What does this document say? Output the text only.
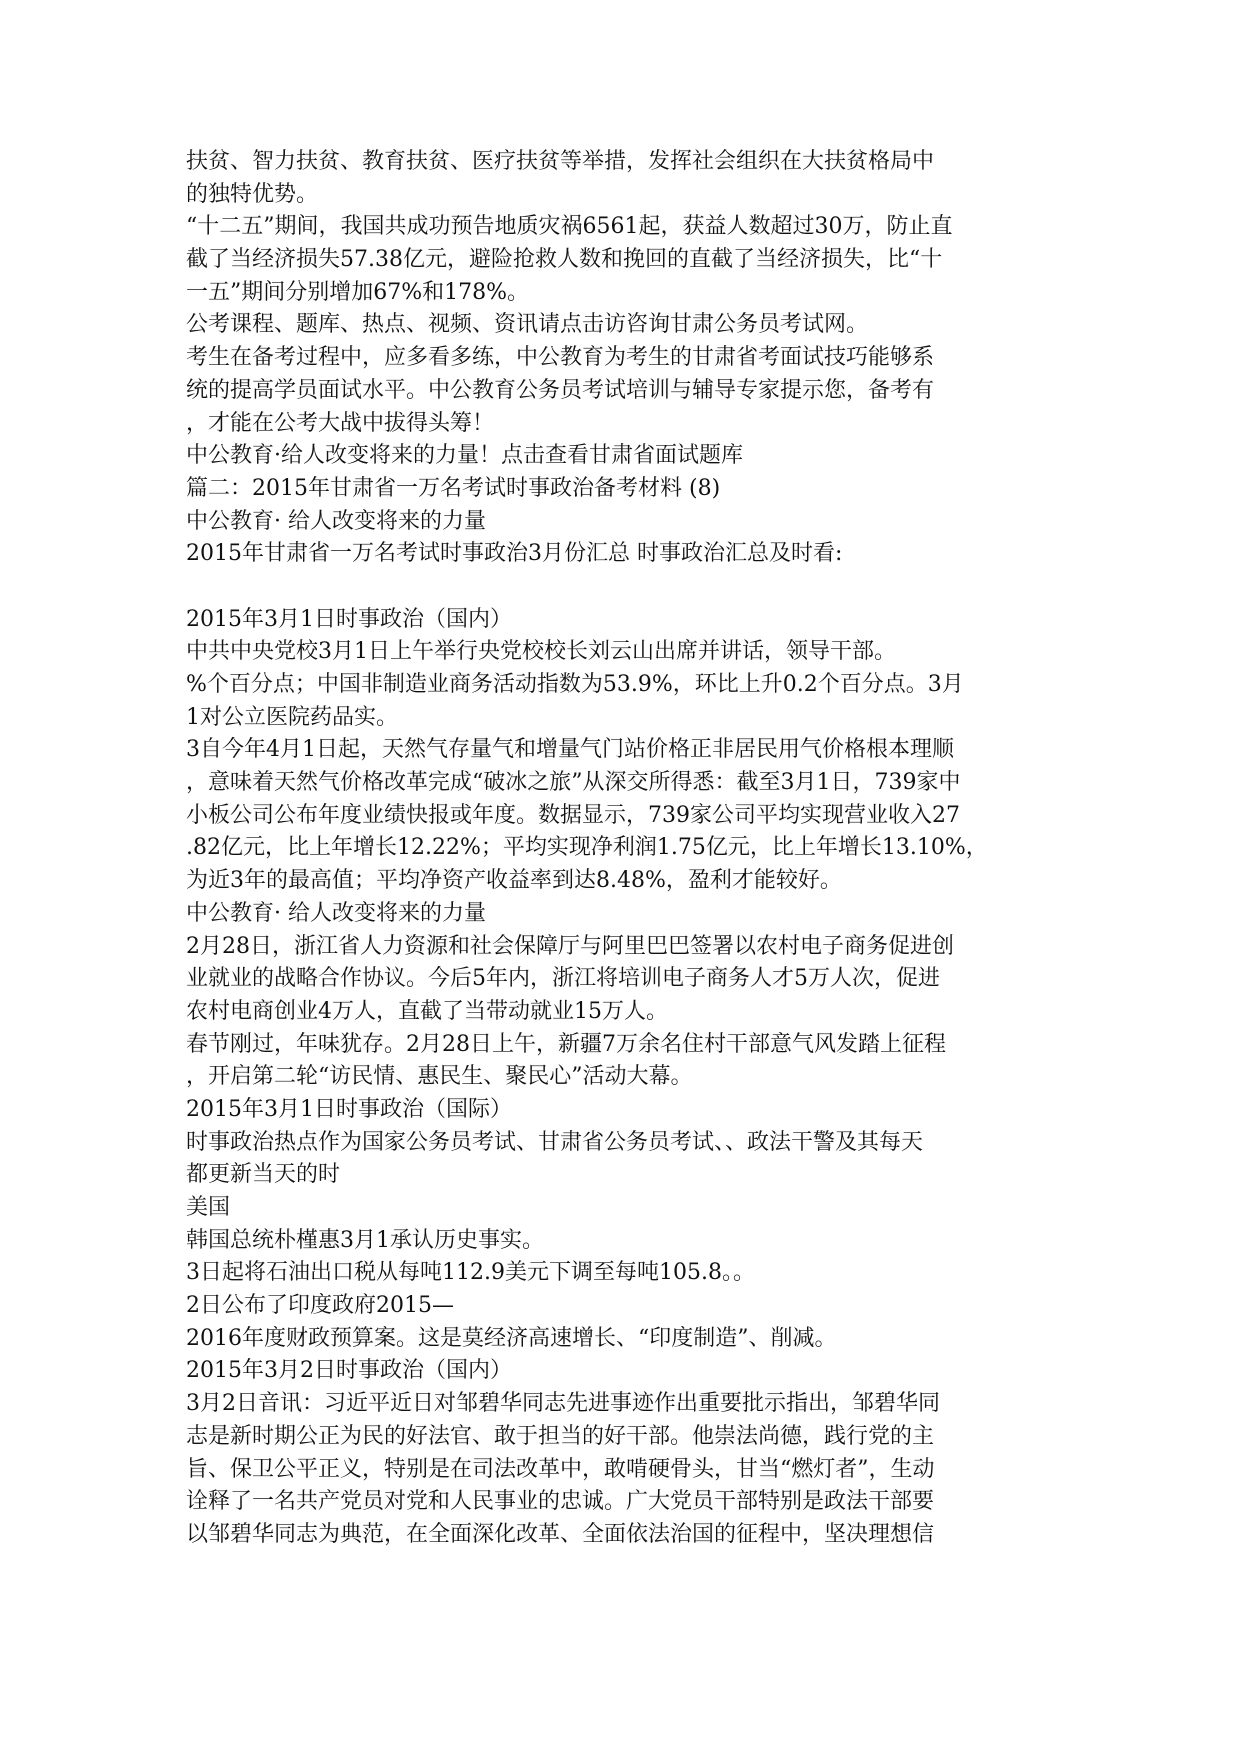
扶贫、智力扶贫、教育扶贫、医疗扶贫等举措，发挥社会组织在大扶贫格局中
的独特优势。
“十二五”期间，我国共成功预告地质灾祸6561起，获益人数超过30万，防止直
截了当经济损失57.38亿元，避险抢救人数和挽回的直截了当经济损失，比“十
一五”期间分别增加67%和178%。
公考课程、题库、热点、视频、资讯请点击访咨询甘肃公务员考试网。
考生在备考过程中，应多看多练，中公教育为考生的甘肃省考面试技巧能够系
统的提高学员面试水平。中公教育公务员考试培训与辅导专家提示您，备考有
，才能在公考大战中拔得头筹！
中公教育·给人改变将来的力量！点击查看甘肃省面试题库
篇二：2015年甘肃省一万名考试时事政治备考材料 (8)
中公教育· 给人改变将来的力量
2015年甘肃省一万名考试时事政治3月份汇总 时事政治汇总及时看:
2015年3月1日时事政治（国内）
中共中央党校3月1日上午举行央党校校长刘云山出席并讲话，领导干部。
%个百分点；中国非制造业商务活动指数为53.9%，环比上升0.2个百分点。3月
1对公立医院药品实。
3自今年4月1日起，天然气存量气和增量气门站价格正非居民用气价格根本理顺
，意味着天然气价格改革完成“破冰之旅”从深交所得悉：截至3月1日，739家中
小板公司公布年度业绩快报或年度。数据显示，739家公司平均实现营业收入27
.82亿元，比上年增长12.22%；平均实现净利润1.75亿元，比上年增长13.10%，
为近3年的最高值；平均净资产收益率到达8.48%，盈利才能较好。
中公教育· 给人改变将来的力量
2月28日，浙江省人力资源和社会保障厅与阿里巴巴签署以农村电子商务促进创
业就业的战略合作协议。今后5年内，浙江将培训电子商务人才5万人次，促进
农村电商创业4万人，直截了当带动就业15万人。
春节刚过，年味犹存。2月28日上午，新疆7万余名住村干部意气风发踏上征程
，开启第二轮“访民情、惠民生、聚民心”活动大幕。
2015年3月1日时事政治（国际）
时事政治热点作为国家公务员考试、甘肃省公务员考试、、政法干警及其每天
都更新当天的时
美国
韩国总统朴槿惠3月1承认历史事实。
3日起将石油出口税从每吨112.9美元下调至每吨105.8。。
2日公布了印度政府2015—
2016年度财政预算案。这是莫经济高速增长、“印度制造”、削减。
2015年3月2日时事政治（国内）
3月2日音讯：习近平近日对邹碧华同志先进事迹作出重要批示指出，邹碧华同
志是新时期公正为民的好法官、敢于担当的好干部。他崇法尚德，践行党的主
旨、保卫公平正义，特别是在司法改革中，敢啃硬骨头，甘当“燃灯者”，生动
诠释了一名共产党员对党和人民事业的忠诚。广大党员干部特别是政法干部要
以邹碧华同志为典范，在全面深化改革、全面依法治国的征程中，坚决理想信
